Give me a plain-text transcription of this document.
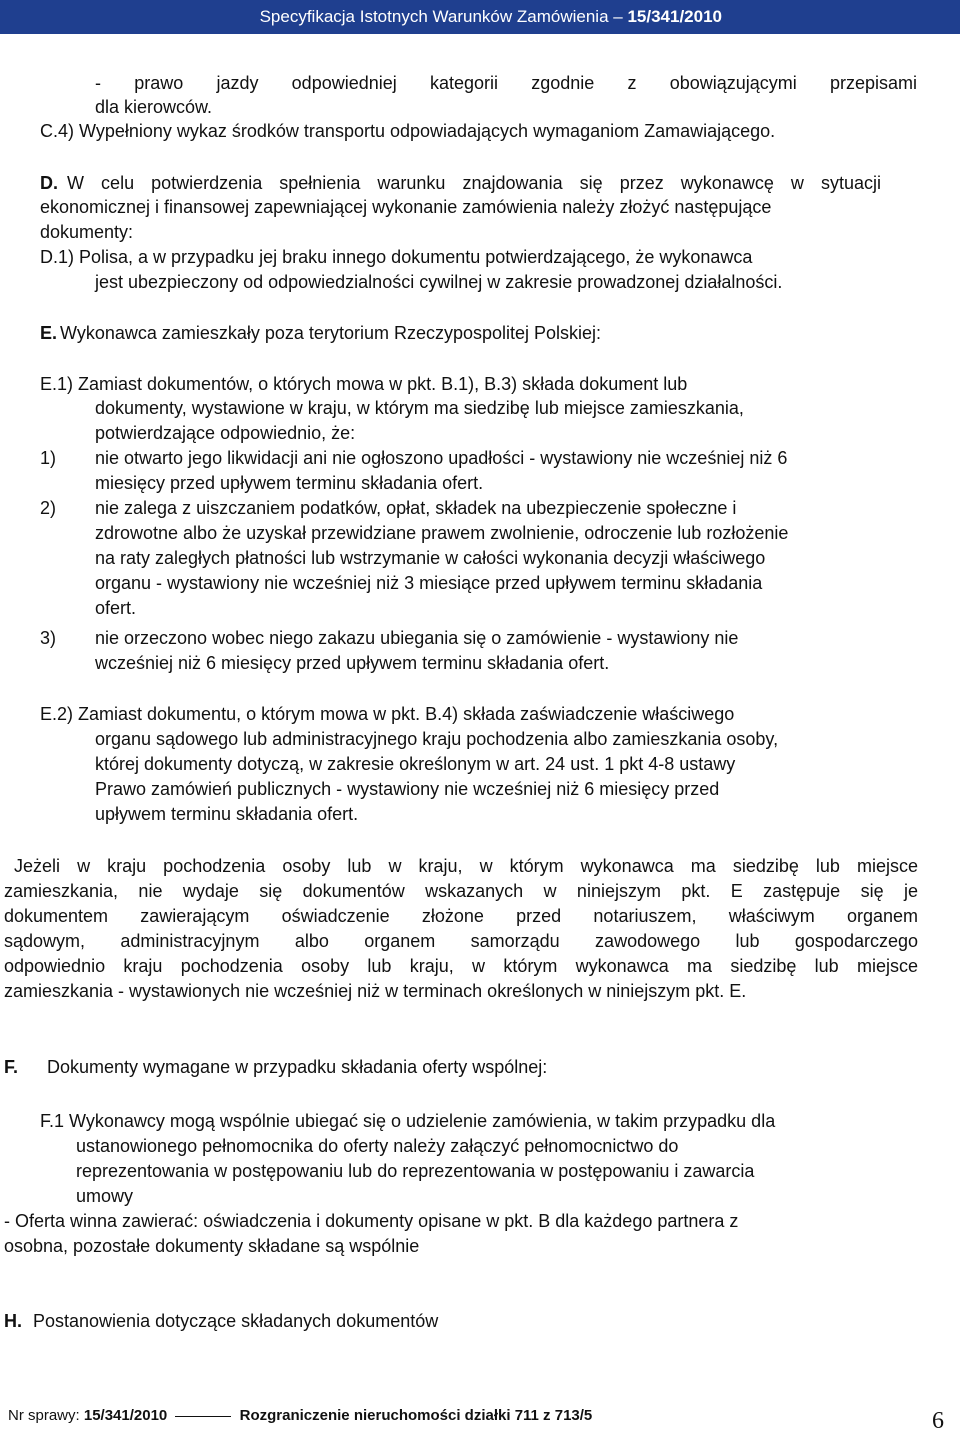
Specyfikacja Istotnych Warunków Zamówienia – 15/341/2010
- prawo jazdy odpowiedniej kategorii zgodnie z obowiązującymi przepisami
dla kierowców.
C.4) Wypełniony wykaz środków transportu odpowiadających wymaganiom Zamawiającego.
D. W celu potwierdzenia spełnienia warunku znajdowania się przez wykonawcę w sytuacji
ekonomicznej i finansowej zapewniającej wykonanie zamówienia należy złożyć następujące
dokumenty:
D.1) Polisa, a w przypadku jej braku innego dokumentu potwierdzającego, że wykonawca
jest ubezpieczony od odpowiedzialności cywilnej w zakresie prowadzonej działalności.
E. Wykonawca zamieszkały poza terytorium Rzeczypospolitej Polskiej:
E.1) Zamiast dokumentów, o których mowa w pkt. B.1), B.3) składa dokument lub
dokumenty, wystawione w kraju, w którym ma siedzibę lub miejsce zamieszkania,
potwierdzające odpowiednio, że:
1) nie otwarto jego likwidacji ani nie ogłoszono upadłości - wystawiony nie wcześniej niż 6
miesięcy przed upływem terminu składania ofert.
2) nie zalega z uiszczaniem podatków, opłat, składek na ubezpieczenie społeczne i
zdrowotne albo że uzyskał przewidziane prawem zwolnienie, odroczenie lub rozłożenie
na raty zaległych płatności lub wstrzymanie w całości wykonania decyzji właściwego
organu - wystawiony nie wcześniej niż 3 miesiące przed upływem terminu składania
ofert.
3) nie orzeczono wobec niego zakazu ubiegania się o zamówienie - wystawiony nie
wcześniej niż 6 miesięcy przed upływem terminu składania ofert.
E.2) Zamiast dokumentu, o którym mowa w pkt. B.4) składa zaświadczenie właściwego
organu sądowego lub administracyjnego kraju pochodzenia albo zamieszkania osoby,
której dokumenty dotyczą, w zakresie określonym w art. 24 ust. 1 pkt 4-8 ustawy
Prawo zamówień publicznych - wystawiony nie wcześniej niż 6 miesięcy przed
upływem terminu składania ofert.
Jeżeli w kraju pochodzenia osoby lub w kraju, w którym wykonawca ma siedzibę lub miejsce
zamieszkania, nie wydaje się dokumentów wskazanych w niniejszym pkt. E zastępuje się je
dokumentem zawierającym oświadczenie złożone przed notariuszem, właściwym organem
sądowym, administracyjnym albo organem samorządu zawodowego lub gospodarczego
odpowiednio kraju pochodzenia osoby lub kraju, w którym wykonawca ma siedzibę lub miejsce
zamieszkania - wystawionych nie wcześniej niż w terminach określonych w niniejszym pkt. E.
F. Dokumenty wymagane w przypadku składania oferty wspólnej:
F.1 Wykonawcy mogą wspólnie ubiegać się o udzielenie zamówienia, w takim przypadku dla
ustanowionego pełnomocnika do oferty należy załączyć pełnomocnictwo do
reprezentowania w postępowaniu lub do reprezentowania w postępowaniu i zawarcia
umowy
- Oferta winna zawierać: oświadczenia i dokumenty opisane w pkt. B dla każdego partnera z
osobna, pozostałe dokumenty składane są wspólnie
H. Postanowienia dotyczące składanych dokumentów
Nr sprawy: 15/341/2010	Rozgraniczenie nieruchomości działki 711 z 713/5	6
